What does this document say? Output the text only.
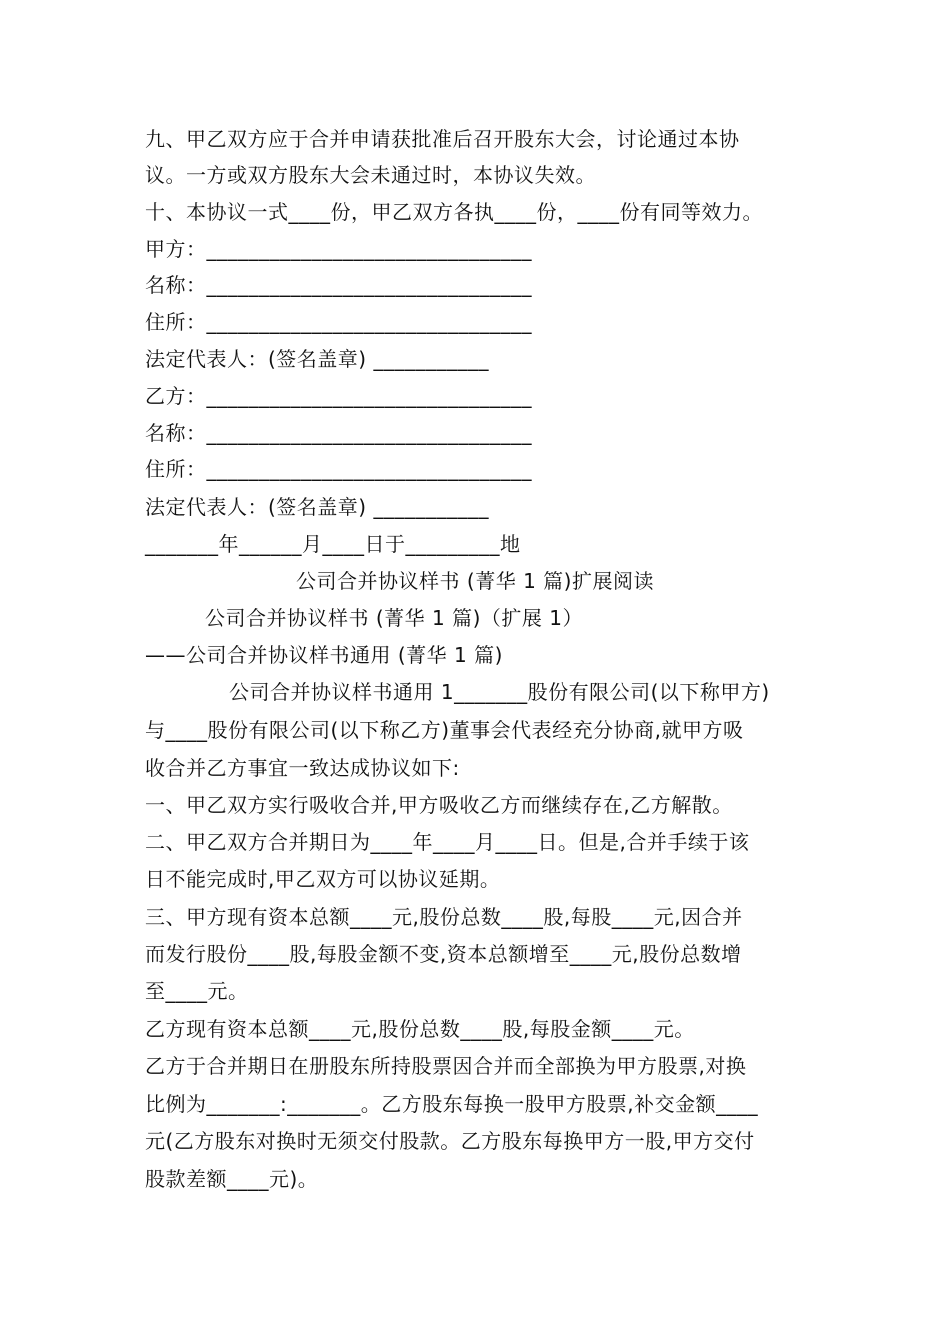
九、甲乙双方应于合并申请获批准后召开股东大会，讨论通过本协
议。一方或双方股东大会未通过时，本协议失效。
十、本协议一式____份，甲乙双方各执____份，____份有同等效力。
甲方：_______________________________
名称：_______________________________
住所：_______________________________
法定代表人：(签名盖章) ___________
乙方：_______________________________
名称：_______________________________
住所：_______________________________
法定代表人：(签名盖章) ___________
_______年______月____日于_________地
公司合并协议样书 (菁华 1 篇)扩展阅读
公司合并协议样书 (菁华 1 篇)（扩展 1）
——公司合并协议样书通用 (菁华 1 篇)
公司合并协议样书通用 1_______股份有限公司(以下称甲方)
与____股份有限公司(以下称乙方)董事会代表经充分协商,就甲方吸
收合并乙方事宜一致达成协议如下:
一、甲乙双方实行吸收合并,甲方吸收乙方而继续存在,乙方解散。
二、甲乙双方合并期日为____年____月____日。但是,合并手续于该
日不能完成时,甲乙双方可以协议延期。
三、甲方现有资本总额____元,股份总数____股,每股____元,因合并
而发行股份____股,每股金额不变,资本总额增至____元,股份总数增
至____元。
乙方现有资本总额____元,股份总数____股,每股金额____元。
乙方于合并期日在册股东所持股票因合并而全部换为甲方股票,对换
比例为_______:_______。乙方股东每换一股甲方股票,补交金额____
元(乙方股东对换时无须交付股款。乙方股东每换甲方一股,甲方交付
股款差额____元)。
